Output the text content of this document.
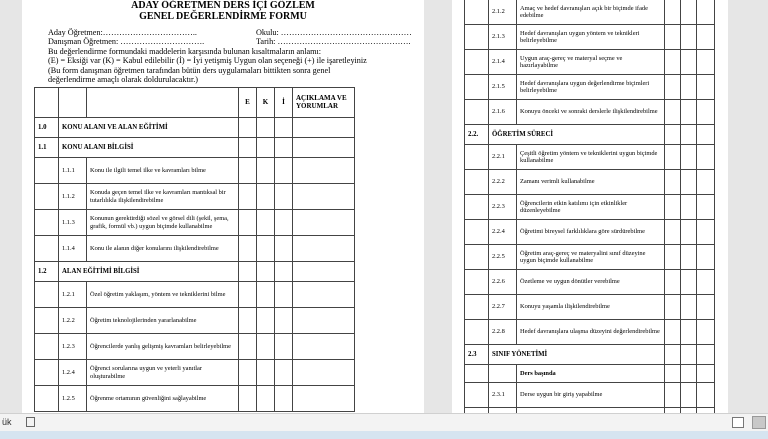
ADAY ÖĞRETMEN DERS İÇİ GÖZLEM
GENEL DEĞERLENDİRME FORMU
Aday Öğretmen:……………………………..	Okulu: …………………………………………
Danışman Öğretmen: ………………………….	Tarih: ………………………………………….
Bu değerlendirme formundaki maddelerin karşısında bulunan kısaltmaların anlamı:
(E) = Eksiği var (K) = Kabul edilebilir (İ) = İyi yetişmiş Uygun olan seçeneği (+) ile işaretleyiniz
(Bu form danışman öğretmen tarafından bütün ders uygulamaları bittikten sonra genel
değerlendirme amaçlı olarak doldurulacaktır.)
			E	K	İ	AÇIKLAMA VE
YORUMLAR
1.0	KONU ALANI VE ALAN EĞİTİMİ					
1.1	KONU ALANI BİLGİSİ					
	1.1.1	Konu ile ilgili temel ilke ve kavramları bilme				
	1.1.2	Konuda geçen temel ilke ve kavramları mantıksal bir tutarlılıkla ilişkilendirebilme				
	1.1.3	Konunun gerektirdiği sözel ve görsel dili (şekil, şema, grafik, formül vb.) uygun biçimde kullanabilme				
	1.1.4	Konu ile alanın diğer konularını ilişkilendirebilme				
1.2	ALAN EĞİTİMİ BİLGİSİ					
	1.2.1	Özel öğretim yaklaşım, yöntem ve tekniklerini bilme				
	1.2.2	Öğretim teknolojilerinden yararlanabilme				
	1.2.3	Öğrencilerde yanlış gelişmiş kavramları belirleyebilme				
	1.2.4	Öğrenci sorularına uygun ve yeterli yanıtlar oluşturabilme				
	1.2.5	Öğrenme ortamının güvenliğini sağlayabilme				
	2.1.2	Amaç ve hedef davranışları açık bir biçimde ifade edebilme			
	2.1.3	Hedef davranışları uygun yöntem ve teknikleri belirleyebilme			
	2.1.4	Uygun araç-gereç ve materyal seçme ve hazırlayabilme			
	2.1.5	Hedef davranışlara uygun değerlendirme biçimleri belirleyebilme			
	2.1.6	Konuyu önceki ve sonraki derslerle ilişkilendirebilme			
2.2.	ÖĞRETİM SÜRECİ				
	2.2.1	Çeşitli öğretim yöntem ve tekniklerini uygun biçimde kullanabilme			
	2.2.2	Zamanı verimli kullanabilme			
	2.2.3	Öğrencilerin etkin katılımı için etkinlikler düzenleyebilme			
	2.2.4	Öğretimi bireysel farklılıklara göre sürdürebilme			
	2.2.5	Öğretim araç-gereç ve materyalini sınıf düzeyine uygun biçimde kullanabilme			
	2.2.6	Özetleme ve uygun dönütler verebilme			
	2.2.7	Konuyu yaşamla ilişkilendirebilme			
	2.2.8	Hedef davranışlara ulaşma düzeyini değerlendirebilme			
2.3	SINIF YÖNETİMİ				
		Ders başında			
	2.3.1	Derse uygun bir giriş yapabilme			

ük
